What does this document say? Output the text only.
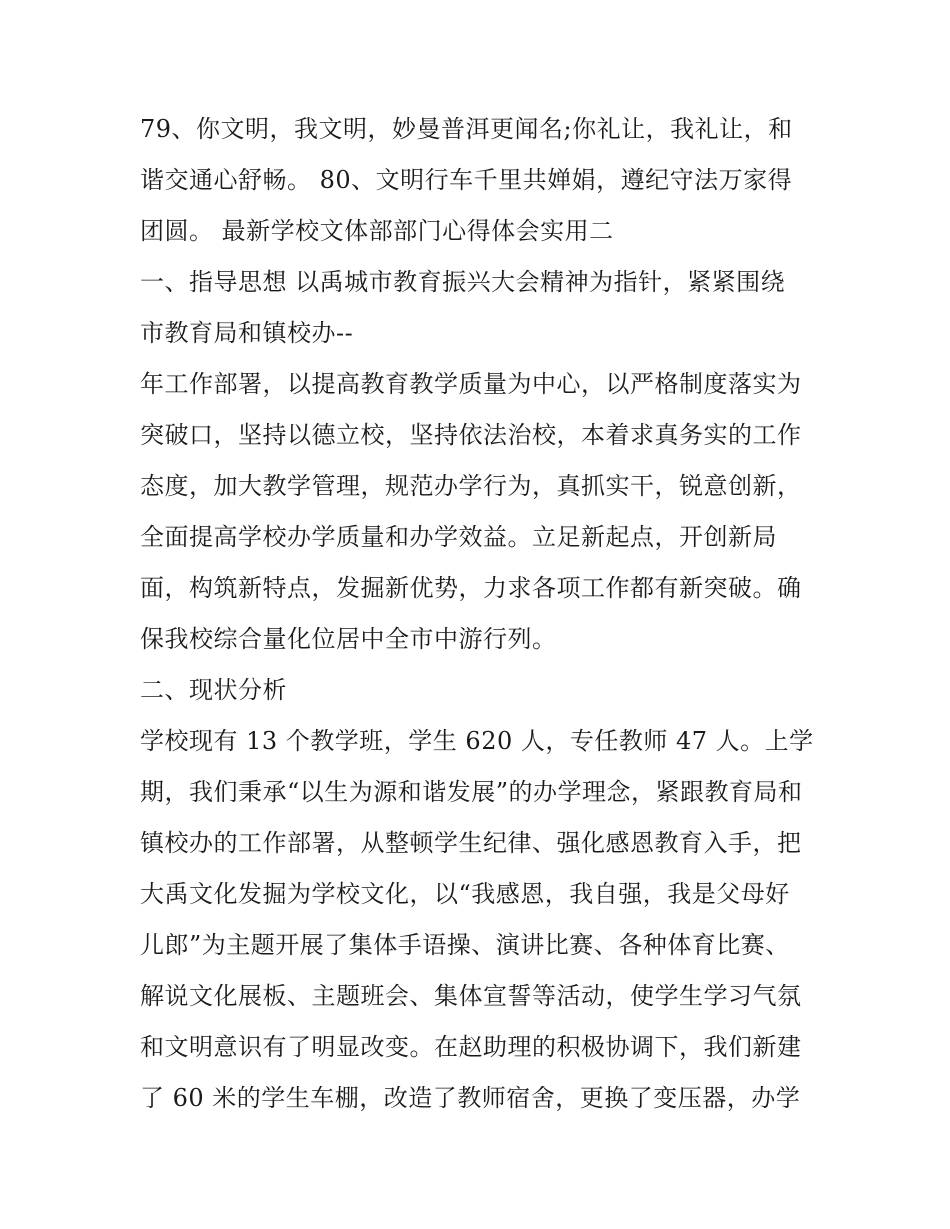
79、你文明，我文明，妙曼普洱更闻名;你礼让，我礼让，和
谐交通心舒畅。 80、文明行车千里共婵娟，遵纪守法万家得
团圆。 最新学校文体部部门心得体会实用二
一、指导思想 以禹城市教育振兴大会精神为指针，紧紧围绕
市教育局和镇校办--
年工作部署，以提高教育教学质量为中心，以严格制度落实为
突破口，坚持以德立校，坚持依法治校，本着求真务实的工作
态度，加大教学管理，规范办学行为，真抓实干，锐意创新，
全面提高学校办学质量和办学效益。立足新起点，开创新局
面，构筑新特点，发掘新优势，力求各项工作都有新突破。确
保我校综合量化位居中全市中游行列。
二、现状分析
学校现有 13 个教学班，学生 620 人，专任教师 47 人。上学
期，我们秉承“以生为源和谐发展”的办学理念，紧跟教育局和
镇校办的工作部署，从整顿学生纪律、强化感恩教育入手，把
大禹文化发掘为学校文化，以“我感恩，我自强，我是父母好
儿郎”为主题开展了集体手语操、演讲比赛、各种体育比赛、
解说文化展板、主题班会、集体宣誓等活动，使学生学习气氛
和文明意识有了明显改变。在赵助理的积极协调下，我们新建
了 60 米的学生车棚，改造了教师宿舍，更换了变压器，办学
